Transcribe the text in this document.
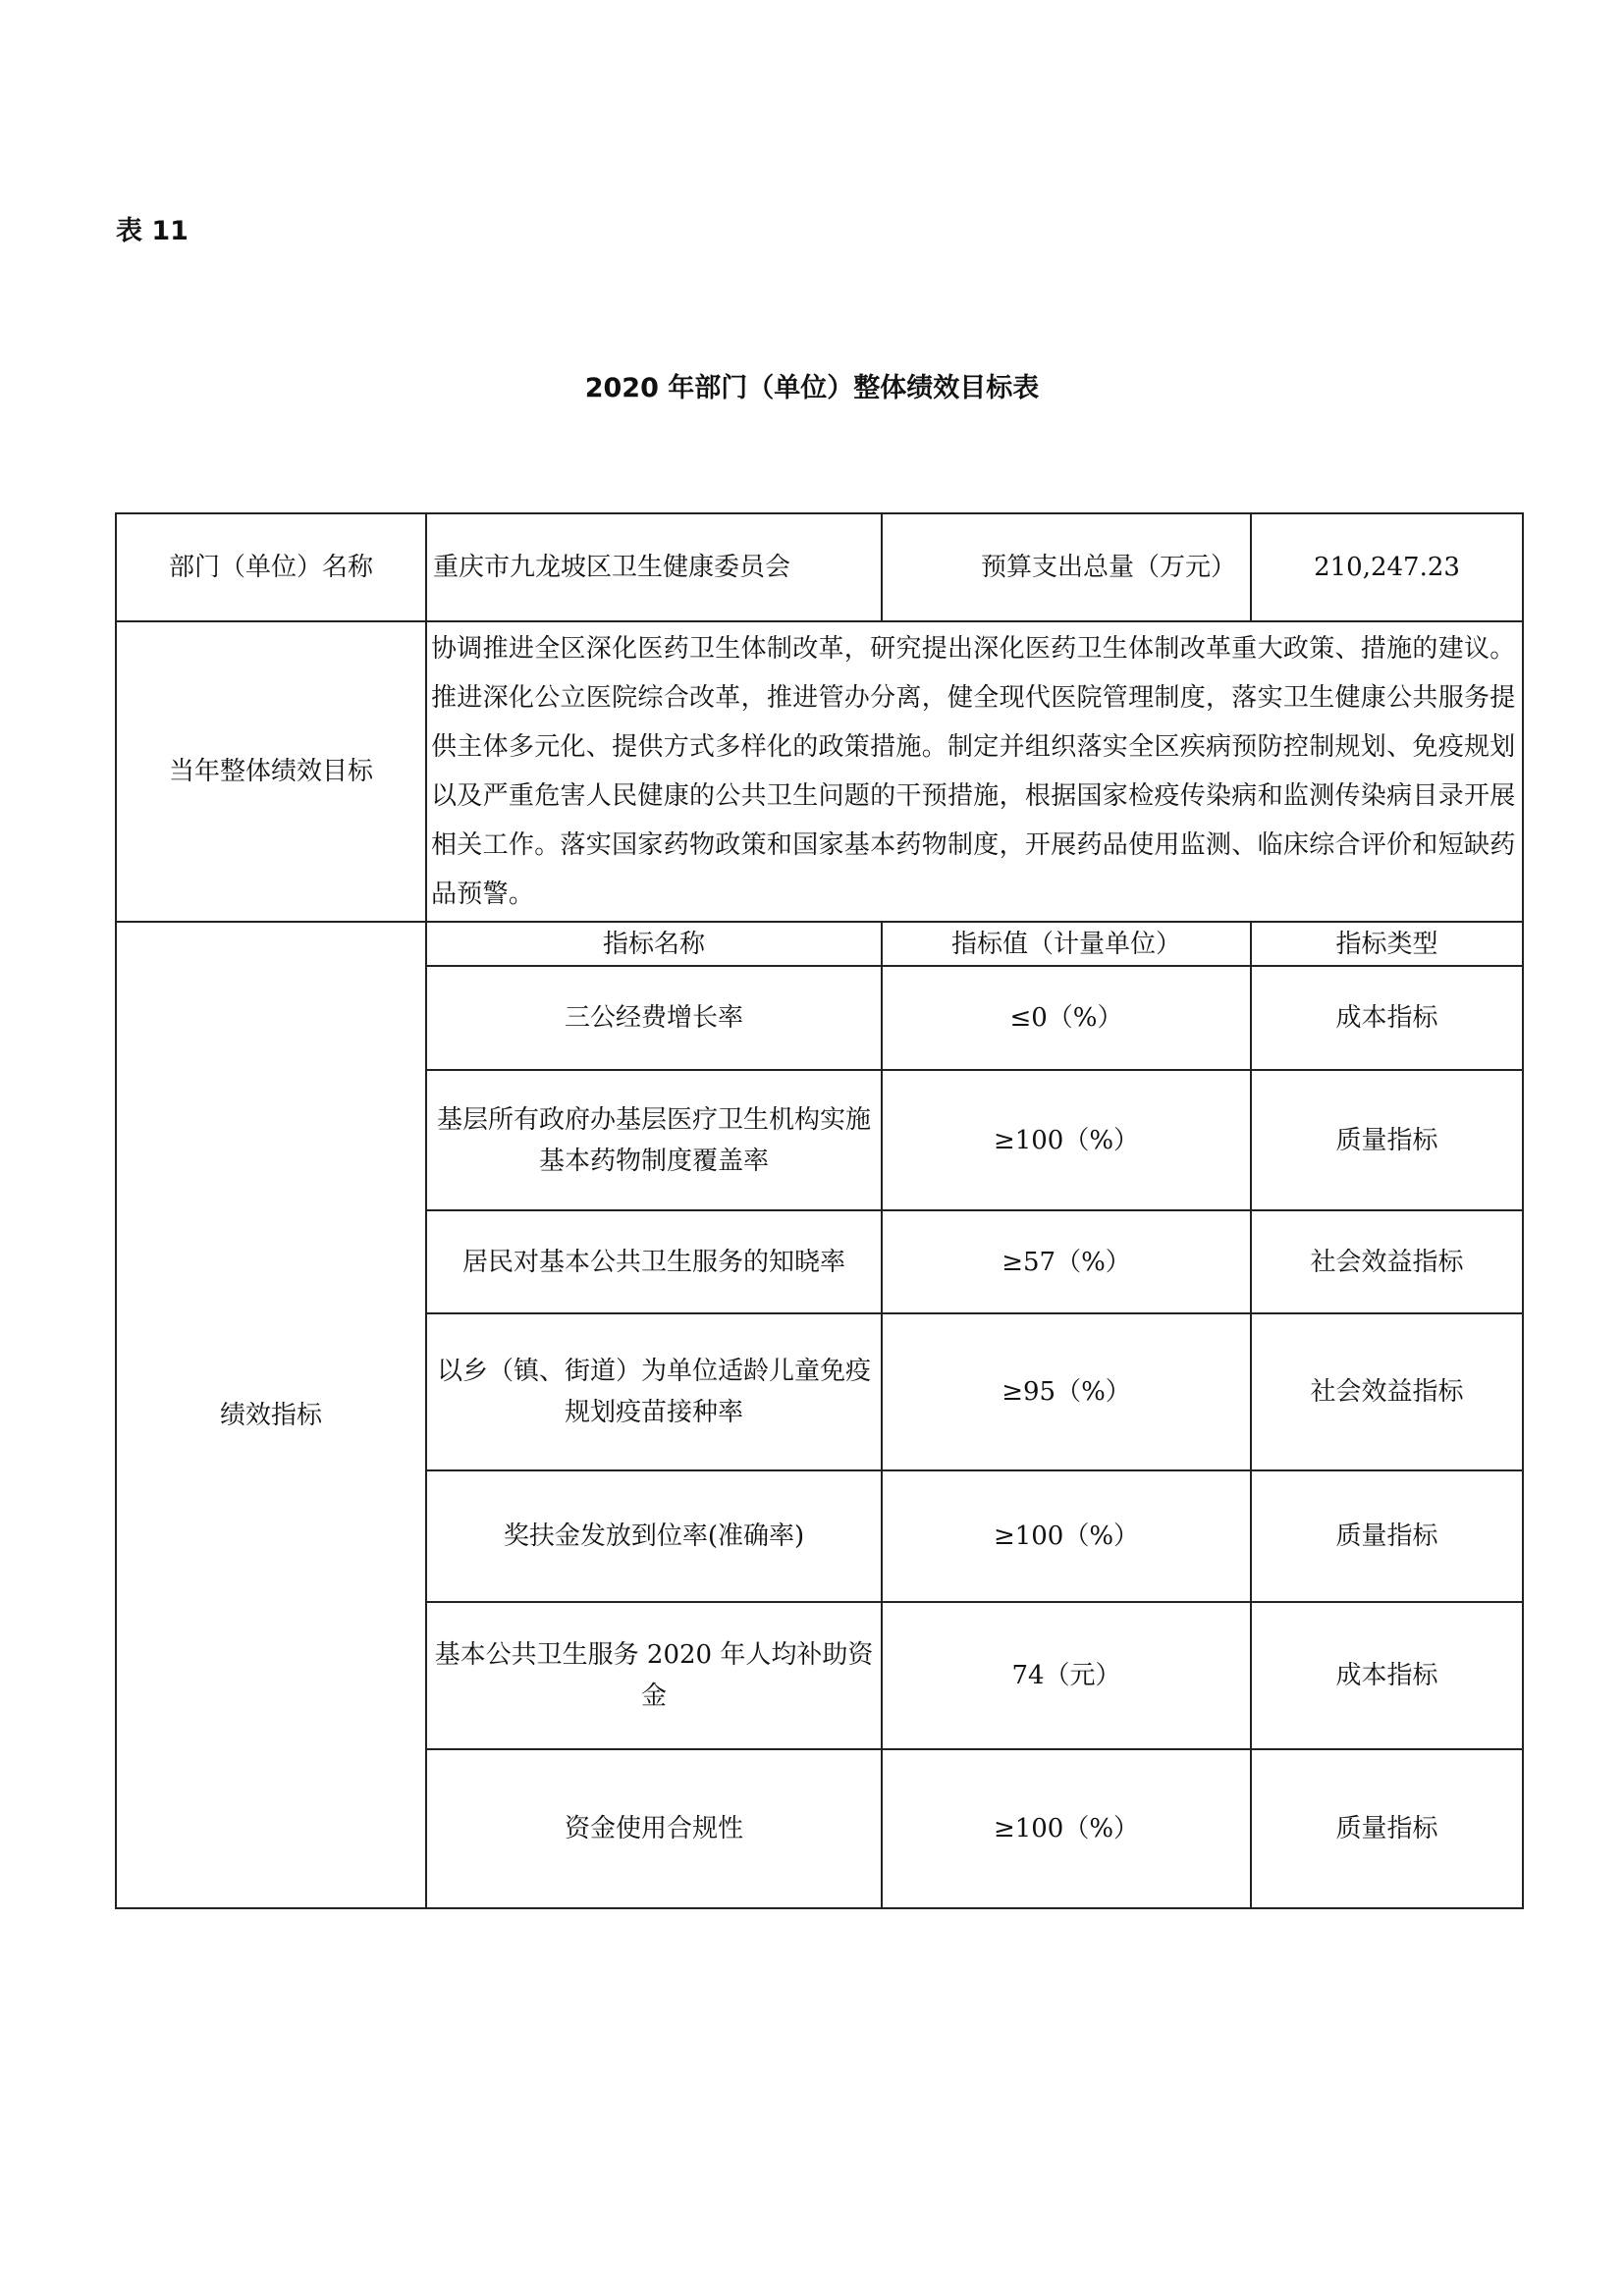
表 11
2020 年部门（单位）整体绩效目标表
部门（单位）名称	重庆市九龙坡区卫生健康委员会	预算支出总量（万元）	210,247.23
当年整体绩效目标	协调推进全区深化医药卫生体制改革，研究提出深化医药卫生体制改革重大政策、措施的建议。推进深化公立医院综合改革，推进管办分离，健全现代医院管理制度，落实卫生健康公共服务提供主体多元化、提供方式多样化的政策措施。制定并组织落实全区疾病预防控制规划、免疫规划以及严重危害人民健康的公共卫生问题的干预措施，根据国家检疫传染病和监测传染病目录开展相关工作。落实国家药物政策和国家基本药物制度，开展药品使用监测、临床综合评价和短缺药品预警。		
绩效指标	指标名称	指标值（计量单位）	指标类型
	三公经费增长率	≤0（%）	成本指标
	基层所有政府办基层医疗卫生机构实施基本药物制度覆盖率	≥100（%）	质量指标
	居民对基本公共卫生服务的知晓率	≥57（%）	社会效益指标
	以乡（镇、街道）为单位适龄儿童免疫规划疫苗接种率	≥95（%）	社会效益指标
	奖扶金发放到位率(准确率)	≥100（%）	质量指标
	基本公共卫生服务 2020 年人均补助资金	74（元）	成本指标
	资金使用合规性	≥100（%）	质量指标
